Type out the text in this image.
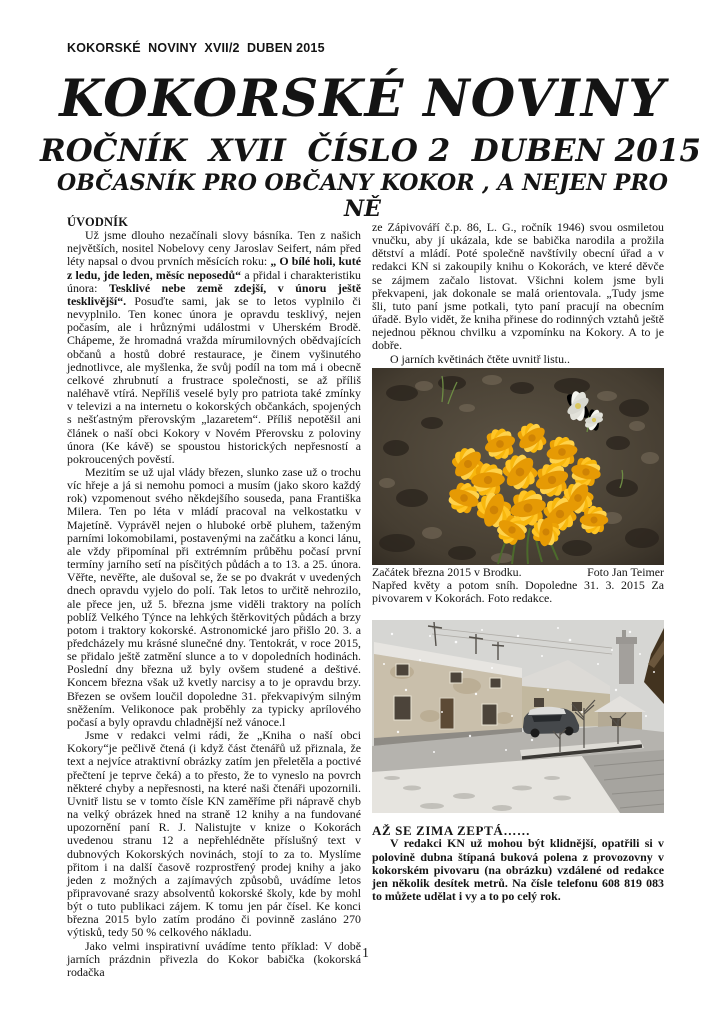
KOKORSKÉ  NOVINY  XVII/2  DUBEN 2015
KOKORSKÉ NOVINY
ROČNÍK  XVII  ČÍSLO 2  DUBEN 2015
OBČASNÍK PRO OBČANY KOKOR , A NEJEN PRO NĚ
ÚVODNÍK

Už jsme dlouho nezačínali slovy básníka. Ten z našich největších, nositel Nobelovy ceny Jaroslav Seifert, nám před léty napsal o dvou prvních měsících roku: „ O bílé holi, kuté z ledu, jde leden, měsíc neposedů“ a přidal i charakteristiku února: Tesklivé nebe země zdejší, v únoru ještě tesklivější“. Posuďte sami, jak se to letos vyplnilo či nevyplnilo. Ten konec února je opravdu tesklivý, nejen počasím, ale i hrůznými událostmi v Uherském Brodě. Chápeme, že hromadná vražda mírumilovných obědvajících občanů a hostů dobré restaurace, je činem vyšinutého jednotlivce, ale myšlenka, že svůj podíl na tom má i obecně celkové zhrubnutí a frustrace společnosti, se až příliš naléhavě vtírá. Nepříliš veselé byly pro patriota také zmínky v televizi a na internetu o kokorských občankách, spojených s nešťastným přerovským „lazaretem“. Příliš nepotěšil ani článek o naší obci Kokory v Novém Přerovsku z poloviny února (Ke kávě) se spoustou historických nepřesností a pokroucených pověstí.

Mezitím se už ujal vlády březen, slunko zase už o trochu víc hřeje a já si nemohu pomoci a musím (jako skoro každý rok) vzpomenout svého někdejšího souseda, pana Františka Milera. Ten po léta v mládí pracoval na velkostatku v Majetíně. Vyprávěl nejen o hluboké orbě pluhem, taženým parními lokomobilami, postavenými na začátku a konci lánu, ale vždy připomínal při extrémním průběhu počasí první termíny jarního setí na písčitých půdách a to 13. a 25. února. Věřte, nevěřte, ale dušoval se, že se po dvakrát v uvedených dnech opravdu vyjelo do polí. Tak letos to určitě nehrozilo, ale přece jen, už 5. března jsme viděli traktory na polích poblíž Velkého Týnce na lehkých štěrkovitých půdách a brzy potom i traktory kokorské. Astronomické jaro přišlo 20. 3. a předcházely mu krásné slunečné dny. Tentokrát, v roce 2015, se přidalo ještě zatmění slunce a to v dopoledních hodinách. Poslední dny března už byly ovšem studené a deštivé. Koncem března však už kvetly narcisy a to je opravdu brzy. Březen se ovšem loučil dopoledne 31. překvapivým silným sněžením. Velikonoce pak proběhly za typicky aprílového počasí a byly opravdu chladnější než vánoce.l

Jsme v redakci velmi rádi, že „Kniha o naší obci Kokory“je pečlivě čtená (i když část čtenářů už přiznala, že text a nejvíce atraktivní obrázky zatím jen přeletěla a poctivé přečtení je teprve čeká) a to přesto, že to vyneslo na povrch některé chyby a nepřesnosti, na které naši čtenáři upozornili. Uvnitř listu se v tomto čísle KN zaměříme při nápravě chyb na velký obrázek hned na straně 12 knihy a na fundované upozornění paní R. J. Nalistujte v knize o Kokorách uvedenou stranu 12 a nepřehlédněte příslušný text v dubnových Kokorských novinách, stojí to za to. Myslíme přitom i na další časově rozprostřený prodej knihy a jako jeden z možných a zajímavých způsobů, uvádíme letos připravované srazy absolventů kokorské školy, kde by mohl být o tuto publikaci zájem. K tomu jen pár čísel. Ke konci března 2015 bylo zatím prodáno či povinně zasláno 270 výtisků, tedy 50 % celkového nákladu.

Jako velmi inspirativní uvádíme tento příklad: V době jarních prázdnin přivezla do Kokor babička (kokorská rodačka

ze Zápivováří č.p. 86, L. G., ročník 1946) svou osmiletou vnučku, aby jí ukázala, kde se babička narodila a prožila dětství a mládí. Poté společně navštívily obecní úřad a v redakci KN si zakoupily knihu o Kokorách, ve které děvče se zájmem začalo listovat. Všichni kolem jsme byli překvapeni, jak dokonale se malá orientovala. „Tudy jsme šli, tuto paní jsme potkali, tyto paní pracují na obecním úřadě. Bylo vidět, že kniha přinese do rodinných vztahů ještě nejednou pěknou chvilku a vzpomínku na Kokory. A to je dobře.

O jarních květinách čtěte uvnitř listu..

Začátek března 2015 v Brodku.	Foto Jan Teimer

Napřed květy a potom sníh. Dopoledne 31. 3. 2015 Za pivovarem v Kokorách. Foto redakce.

AŽ SE ZIMA ZEPTÁ……

V redakci KN už mohou být klidnější, opatřili si v polovině dubna štípaná buková polena z provozovny v kokorském pivovaru (na obrázku) vzdálené od redakce jen několik desítek metrů. Na čísle telefonu 608 819 083 to můžete udělat i vy a to po celý rok.

1
